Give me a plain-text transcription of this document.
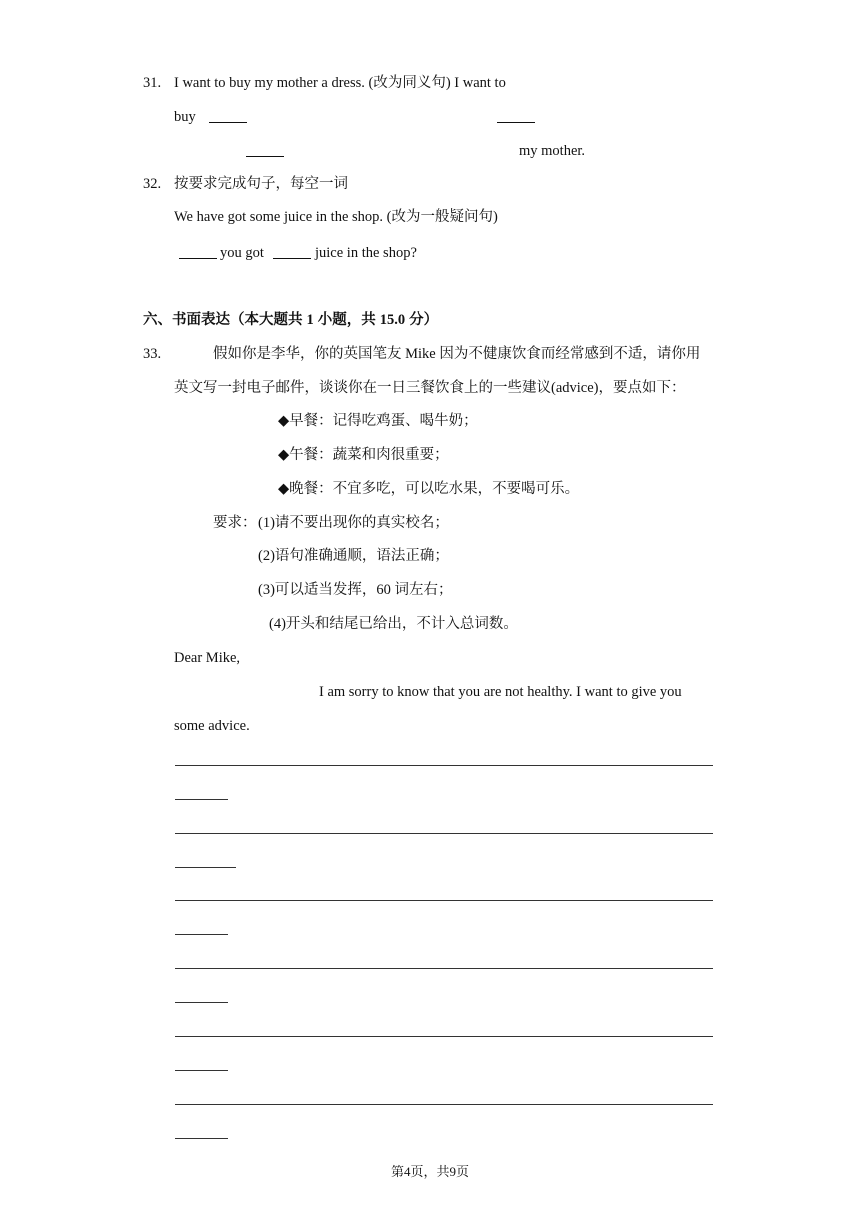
31. I want to buy my mother a dress. (改为同义句) I want to
buy
my mother.
32. 按要求完成句子，每空一词
We have got some juice in the shop. (改为一般疑问句)
you got	juice in the shop?
六、书面表达（本大题共 1 小题，共 15.0 分）
33.	假如你是李华，你的英国笔友 Mike 因为不健康饮食而经常感到不适，请你用
英文写一封电子邮件，谈谈你在一日三餐饮食上的一些建议(advice)，要点如下：
◆早餐：记得吃鸡蛋、喝牛奶；
◆午餐：蔬菜和肉很重要；
◆晚餐：不宜多吃，可以吃水果，不要喝可乐。
要求： (1)请不要出现你的真实校名；
(2)语句准确通顺，语法正确；
(3)可以适当发挥，60 词左右；
(4)开头和结尾已给出，不计入总词数。
Dear Mike,
I am sorry to know that you are not healthy. I want to give you
some advice.
第4页，共9页
